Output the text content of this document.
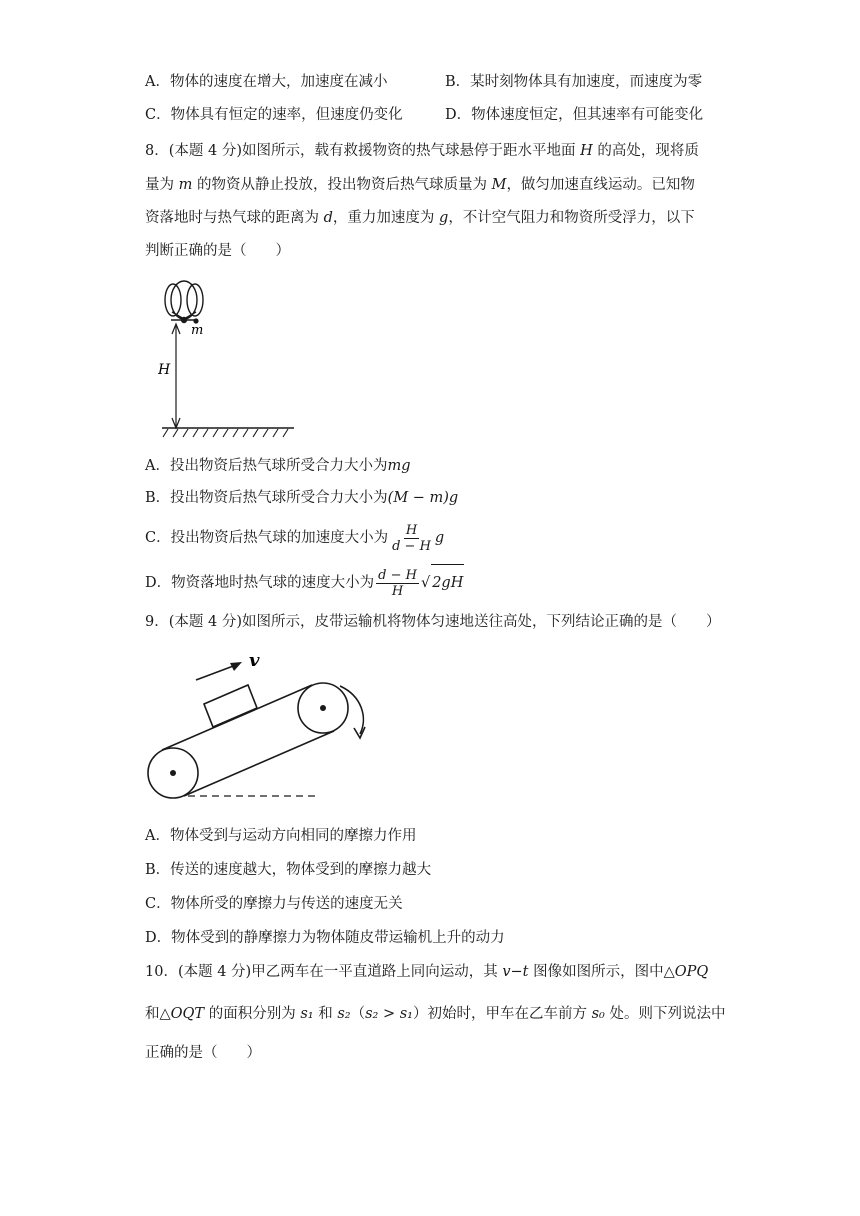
A．物体的速度在增大，加速度在减小	B．某时刻物体具有加速度，而速度为零
C．物体具有恒定的速率，但速度仍变化	D．物体速度恒定，但其速率有可能变化
8．(本题 4 分)如图所示，载有救援物资的热气球悬停于距水平地面 H 的高处，现将质
量为 m 的物资从静止投放，投出物资后热气球质量为 M，做匀加速直线运动。已知物
资落地时与热气球的距离为 d，重力加速度为 g，不计空气阻力和物资所受浮力，以下
判断正确的是（　　）
m
H
A．投出物资后热气球所受合力大小为mg
B．投出物资后热气球所受合力大小为(M − m)g
C．投出物资后热气球的加速度大小为 $\frac{H}{d - H}$ g
D．物资落地时热气球的速度大小为 $\frac{d - H}{H}$ √ 2gH
9．(本题 4 分)如图所示，皮带运输机将物体匀速地送往高处，下列结论正确的是（　　）
v
A．物体受到与运动方向相同的摩擦力作用
B．传送的速度越大，物体受到的摩擦力越大
C．物体所受的摩擦力与传送的速度无关
D．物体受到的静摩擦力为物体随皮带运输机上升的动力
10．(本题 4 分)甲乙两车在一平直道路上同向运动，其 v−t 图像如图所示，图中△OPQ
和△OQT 的面积分别为 s₁ 和 s₂（s₂ > s₁）初始时，甲车在乙车前方 s₀ 处。则下列说法中
正确的是（　　）
